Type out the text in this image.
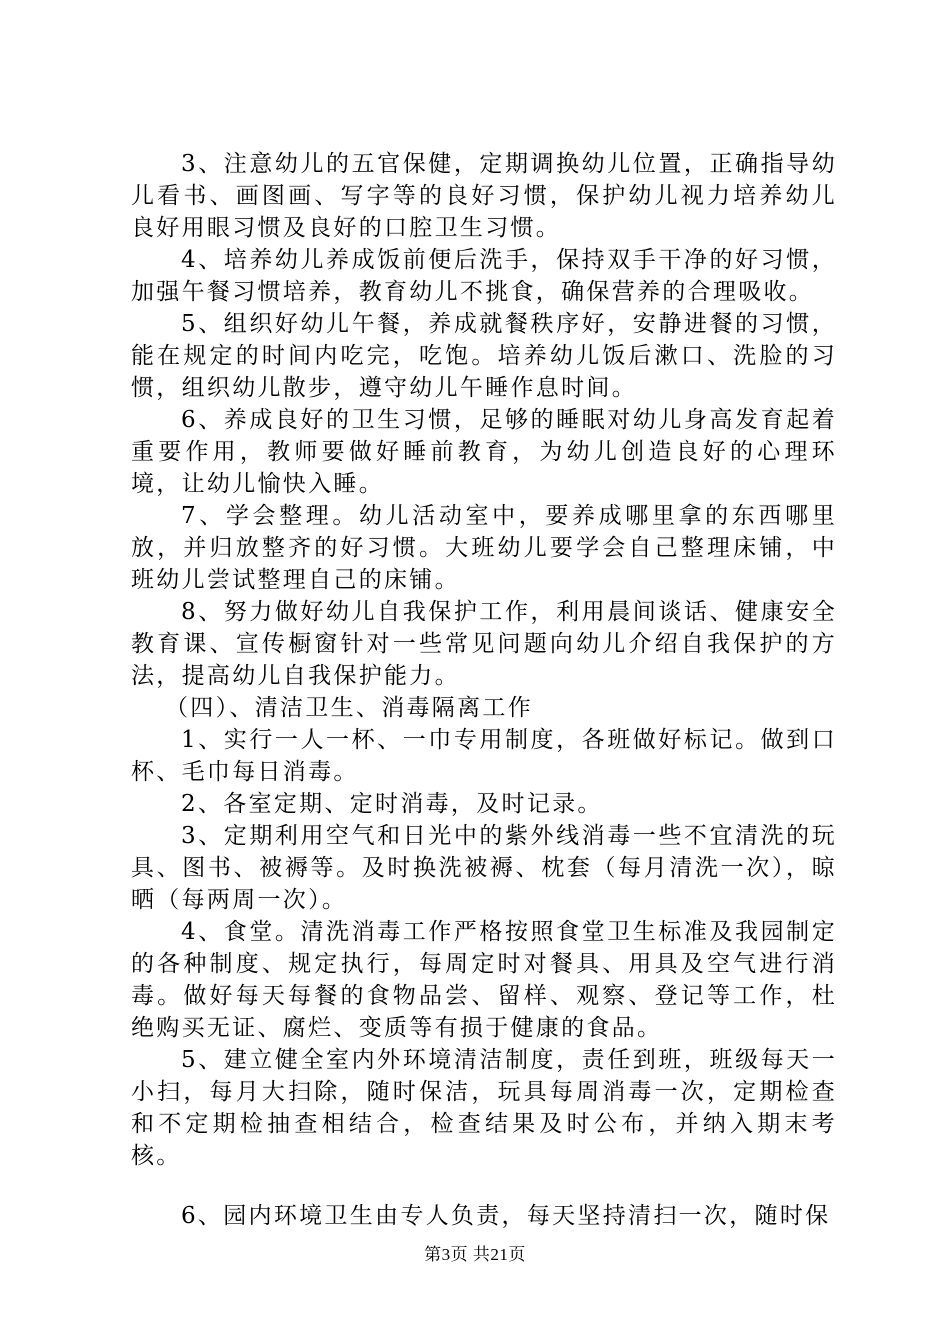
3、注意幼儿的五官保健，定期调换幼儿位置，正确指导幼儿看书、画图画、写字等的良好习惯，保护幼儿视力培养幼儿良好用眼习惯及良好的口腔卫生习惯。

4、培养幼儿养成饭前便后洗手，保持双手干净的好习惯，加强午餐习惯培养，教育幼儿不挑食，确保营养的合理吸收。

5、组织好幼儿午餐，养成就餐秩序好，安静进餐的习惯，能在规定的时间内吃完，吃饱。培养幼儿饭后漱口、洗脸的习惯，组织幼儿散步，遵守幼儿午睡作息时间。

6、养成良好的卫生习惯，足够的睡眠对幼儿身高发育起着重要作用，教师要做好睡前教育，为幼儿创造良好的心理环境，让幼儿愉快入睡。

7、学会整理。幼儿活动室中，要养成哪里拿的东西哪里放，并归放整齐的好习惯。大班幼儿要学会自己整理床铺，中班幼儿尝试整理自己的床铺。

8、努力做好幼儿自我保护工作，利用晨间谈话、健康安全教育课、宣传橱窗针对一些常见问题向幼儿介绍自我保护的方法，提高幼儿自我保护能力。

（四）、清洁卫生、消毒隔离工作

1、实行一人一杯、一巾专用制度，各班做好标记。做到口杯、毛巾每日消毒。

2、各室定期、定时消毒，及时记录。

3、定期利用空气和日光中的紫外线消毒一些不宜清洗的玩具、图书、被褥等。及时换洗被褥、枕套（每月清洗一次），晾晒（每两周一次）。

4、食堂。清洗消毒工作严格按照食堂卫生标准及我园制定的各种制度、规定执行，每周定时对餐具、用具及空气进行消毒。做好每天每餐的食物品尝、留样、观察、登记等工作，杜绝购买无证、腐烂、变质等有损于健康的食品。

5、建立健全室内外环境清洁制度，责任到班，班级每天一小扫，每月大扫除，随时保洁，玩具每周消毒一次，定期检查和不定期检抽查相结合，检查结果及时公布，并纳入期末考核。

6、园内环境卫生由专人负责，每天坚持清扫一次，随时保

第3页 共21页
